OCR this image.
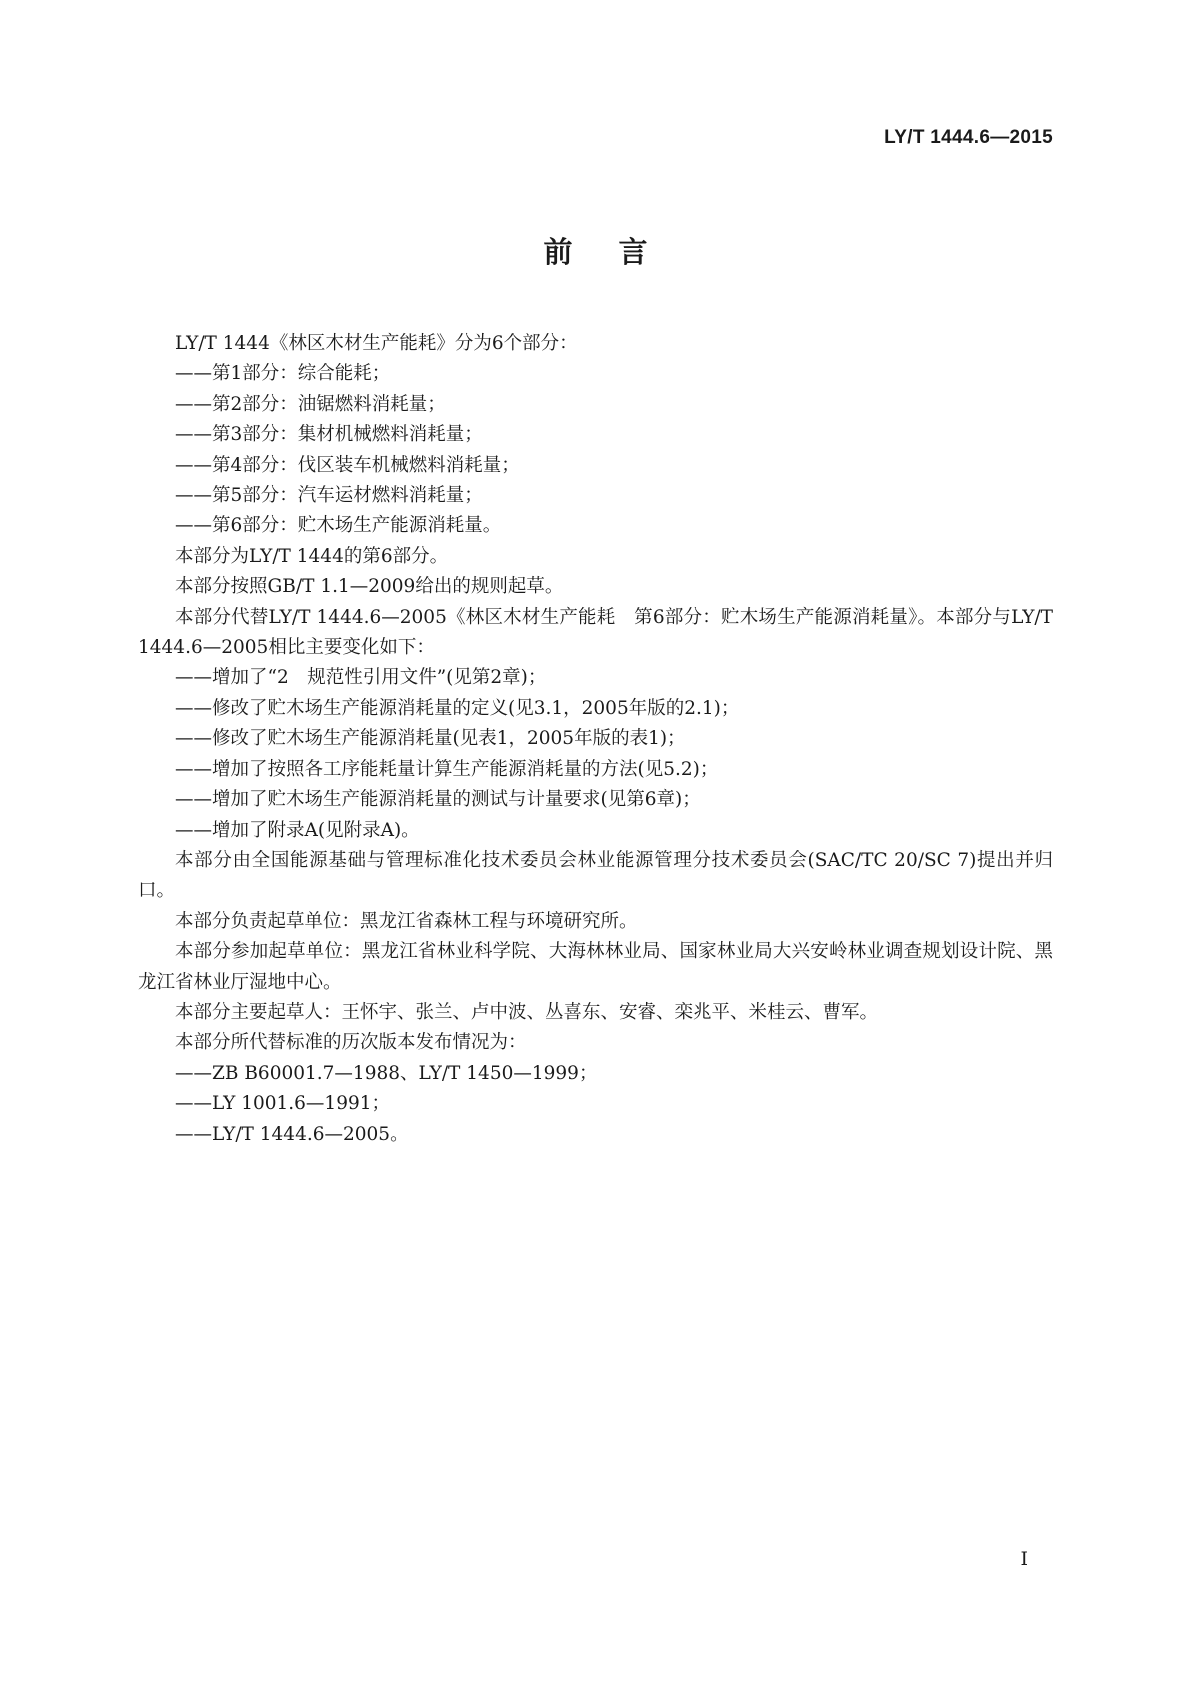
LY/T 1444.6—2015
前言

LY/T 1444《林区木材生产能耗》分为6个部分：

——第1部分：综合能耗；

——第2部分：油锯燃料消耗量；

——第3部分：集材机械燃料消耗量；

——第4部分：伐区装车机械燃料消耗量；

——第5部分：汽车运材燃料消耗量；

——第6部分：贮木场生产能源消耗量。

本部分为LY/T 1444的第6部分。

本部分按照GB/T 1.1—2009给出的规则起草。

本部分代替LY/T 1444.6—2005《林区木材生产能耗　第6部分：贮木场生产能源消耗量》。本部分与LY/T 1444.6—2005相比主要变化如下：

——增加了“2　规范性引用文件”(见第2章)；

——修改了贮木场生产能源消耗量的定义(见3.1，2005年版的2.1)；

——修改了贮木场生产能源消耗量(见表1，2005年版的表1)；

——增加了按照各工序能耗量计算生产能源消耗量的方法(见5.2)；

——增加了贮木场生产能源消耗量的测试与计量要求(见第6章)；

——增加了附录A(见附录A)。

本部分由全国能源基础与管理标准化技术委员会林业能源管理分技术委员会(SAC/TC 20/SC 7)提出并归口。

本部分负责起草单位：黑龙江省森林工程与环境研究所。

本部分参加起草单位：黑龙江省林业科学院、大海林林业局、国家林业局大兴安岭林业调查规划设计院、黑龙江省林业厅湿地中心。

本部分主要起草人：王怀宇、张兰、卢中波、丛喜东、安睿、栾兆平、米桂云、曹军。

本部分所代替标准的历次版本发布情况为：

——ZB B60001.7—1988、LY/T 1450—1999；

——LY 1001.6—1991；

——LY/T 1444.6—2005。

I
